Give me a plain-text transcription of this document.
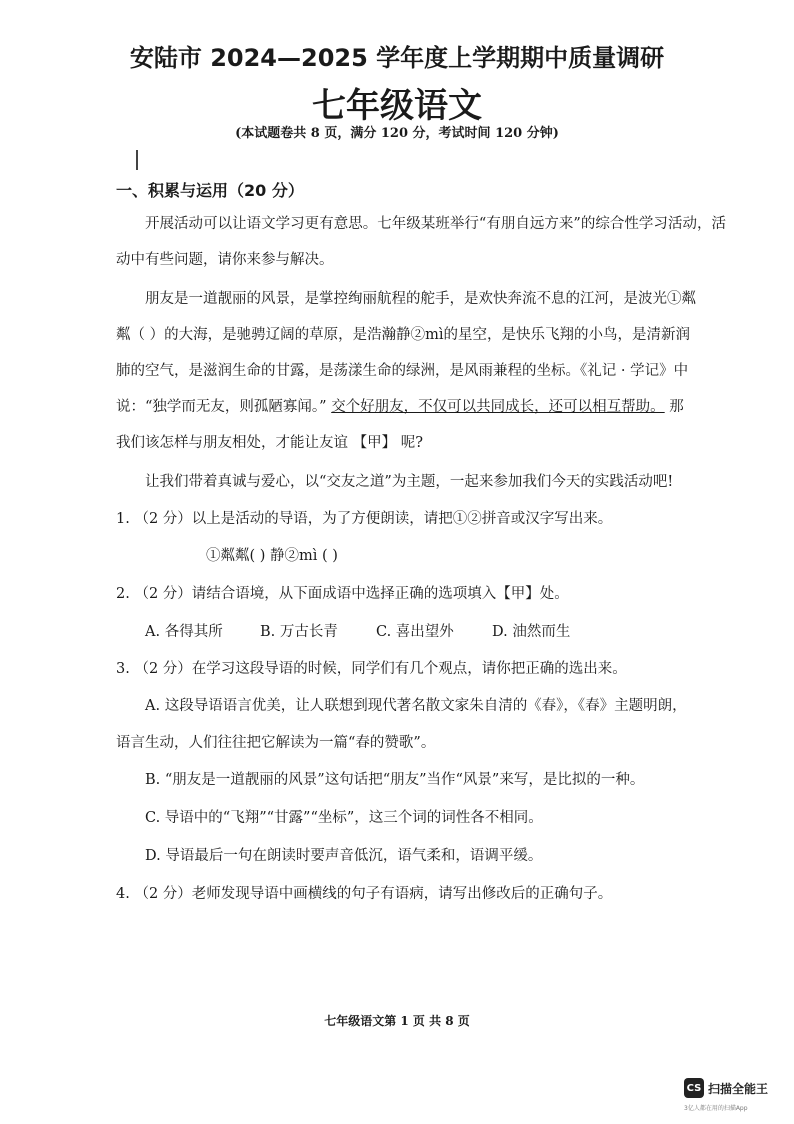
安陆市 2024—2025 学年度上学期期中质量调研
七年级语文
(本试题卷共 8 页，满分 120 分，考试时间 120 分钟)
一、积累与运用（20 分）
开展活动可以让语文学习更有意思。七年级某班举行“有朋自远方来”的综合性学习活动，活动中有些问题，请你来参与解决。
朋友是一道靓丽的风景，是掌控绚丽航程的舵手，是欢快奔流不息的江河，是波光①粼
粼（ ）的大海，是驰骋辽阔的草原，是浩瀚静②mì的星空，是快乐飞翔的小鸟，是清新润
肺的空气，是滋润生命的甘露，是荡漾生命的绿洲，是风雨兼程的坐标。《礼记 · 学记》中
说：“独学而无友，则孤陋寡闻。” 交个好朋友，不仅可以共同成长，还可以相互帮助。 那
我们该怎样与朋友相处，才能让友谊 【甲】 呢?
让我们带着真诚与爱心，以“交友之道”为主题，一起来参加我们今天的实践活动吧!
1. （2 分）以上是活动的导语，为了方便朗读，请把①②拼音或汉字写出来。
①粼粼( ) 静②mì ( )
2. （2 分）请结合语境，从下面成语中选择正确的选项填入【甲】处。
A. 各得其所	B. 万古长青	C. 喜出望外	D. 油然而生
3. （2 分）在学习这段导语的时候，同学们有几个观点，请你把正确的选出来。
A. 这段导语语言优美，让人联想到现代著名散文家朱自清的《春》，《春》主题明朗，
语言生动，人们往往把它解读为一篇“春的赞歌”。
B. “朋友是一道靓丽的风景”这句话把“朋友”当作“风景”来写，是比拟的一种。
C. 导语中的“飞翔”“甘露”“坐标”，这三个词的词性各不相同。
D. 导语最后一句在朗读时要声音低沉，语气柔和，语调平缓。
4. （2 分）老师发现导语中画横线的句子有语病，请写出修改后的正确句子。
七年级语文第 1 页 共 8 页
CS 扫描全能王
3亿人都在用的扫描App
